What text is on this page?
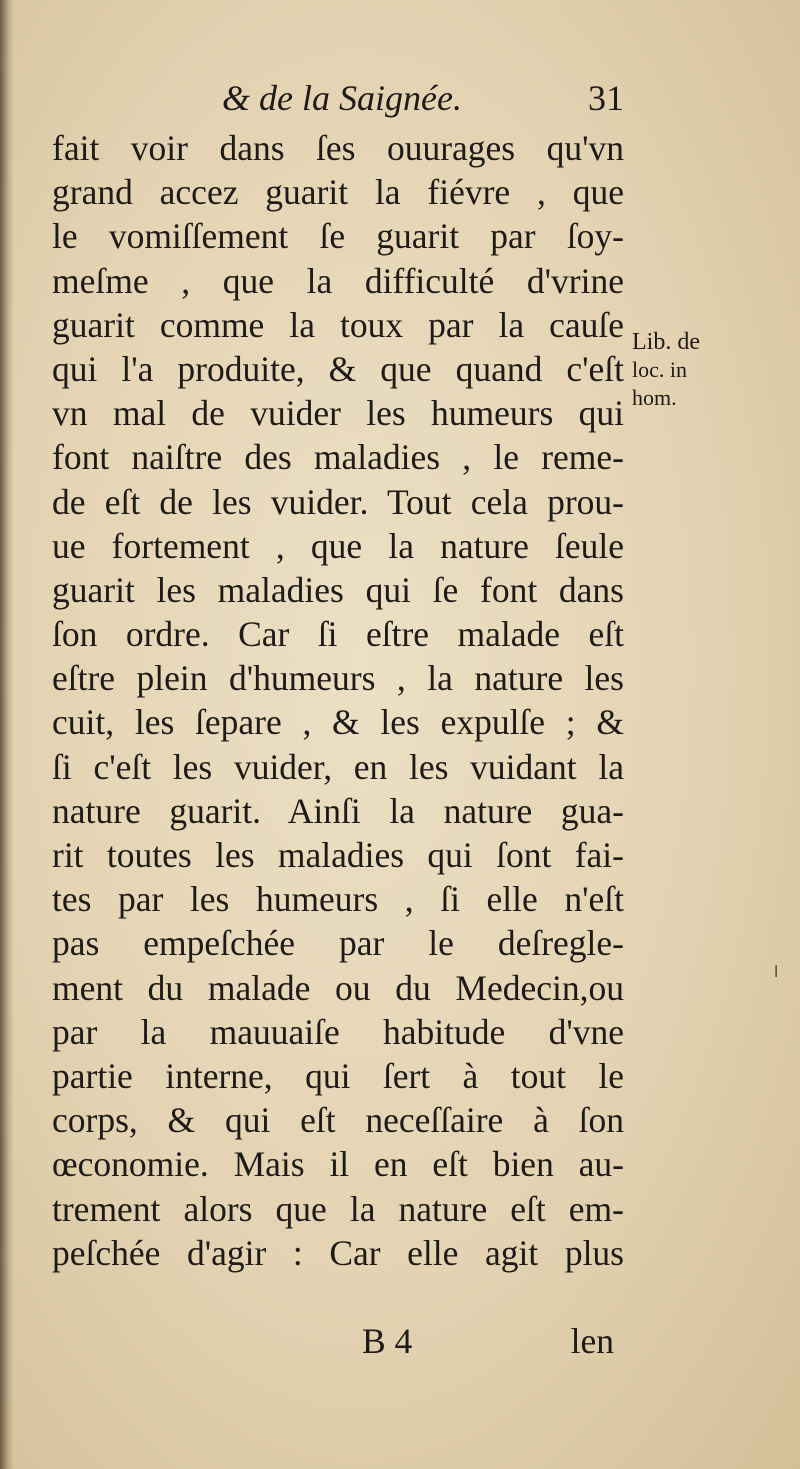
& de la Saignée.	31
fait voir dans ſes ouurages qu'vn
grand accez guarit la fiévre , que
le vomiſſement ſe guarit par ſoy-
meſme , que la difficulté d'vrine
guarit comme la toux par la cauſe
qui l'a produite, & que quand c'eſt
vn mal de vuider les humeurs qui
font naiſtre des maladies , le reme-
de eſt de les vuider. Tout cela prou-
ue fortement , que la nature ſeule
guarit les maladies qui ſe font dans
ſon ordre. Car ſi eſtre malade eſt
eſtre plein d'humeurs , la nature les
cuit, les ſepare , & les expulſe ; &
ſi c'eſt les vuider, en les vuidant la
nature guarit. Ainſi la nature gua-
rit toutes les maladies qui ſont fai-
tes par les humeurs , ſi elle n'eſt
pas empeſchée par le deſregle-
ment du malade ou du Medecin,ou
par la mauuaiſe habitude d'vne
partie interne, qui ſert à tout le
corps, & qui eſt neceſſaire à ſon
œconomie. Mais il en eſt bien au-
trement alors que la nature eſt em-
peſchée d'agir : Car elle agit plus
Lib. de
loc. in
hom.
B 4	len
╵
